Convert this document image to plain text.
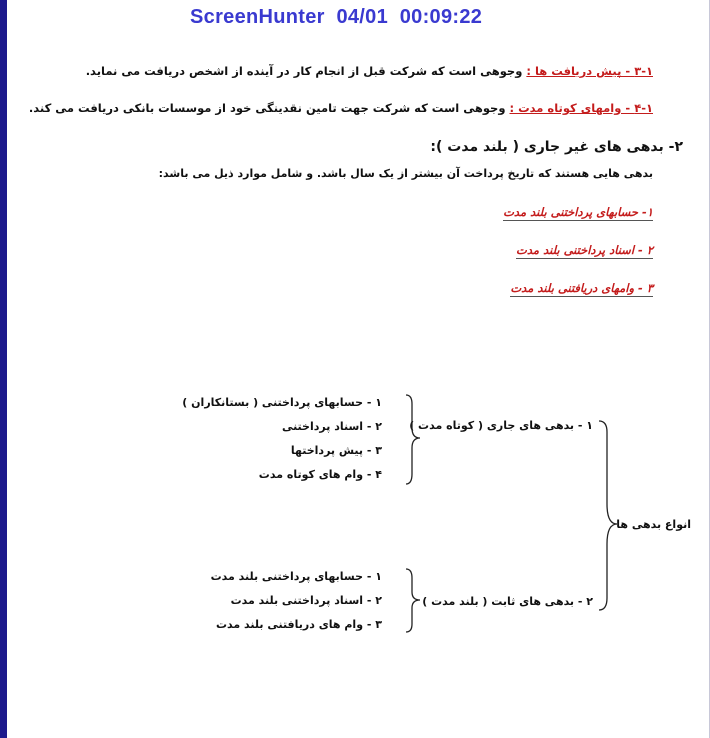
ScreenHunter  04/01  00:09:22
۳-۱ - پیش دریافت ها : وجوهی است که شرکت قبل از انجام کار در آینده از اشخص دریافت می نماید.
۴-۱ - وامهای کوتاه مدت : وجوهی است که شرکت جهت تامین نقدینگی خود از موسسات بانکی دریافت می کند.
۲- بدهی های غیر جاری ( بلند مدت ):
بدهی هایی هستند که تاریخ پرداخت آن بیشتر از یک سال باشد. و شامل موارد ذیل می باشد:
۱- حسابهای پرداختنی بلند مدت
۲ - اسناد پرداختنی بلند مدت
۳ - وامهای دریافتنی بلند مدت
انواع بدهی ها
۱ - بدهی های جاری ( کوتاه مدت )
۲ - بدهی های ثابت ( بلند مدت )
۱ - حسابهای پرداختنی ( بستانکاران )
۲ - اسناد پرداختنی
۳ - پیش پرداختها
۴ - وام های کوتاه مدت
۱ - حسابهای پرداختنی بلند مدت
۲ - اسناد پرداختنی بلند مدت
۳ - وام های دریافتنی بلند مدت
